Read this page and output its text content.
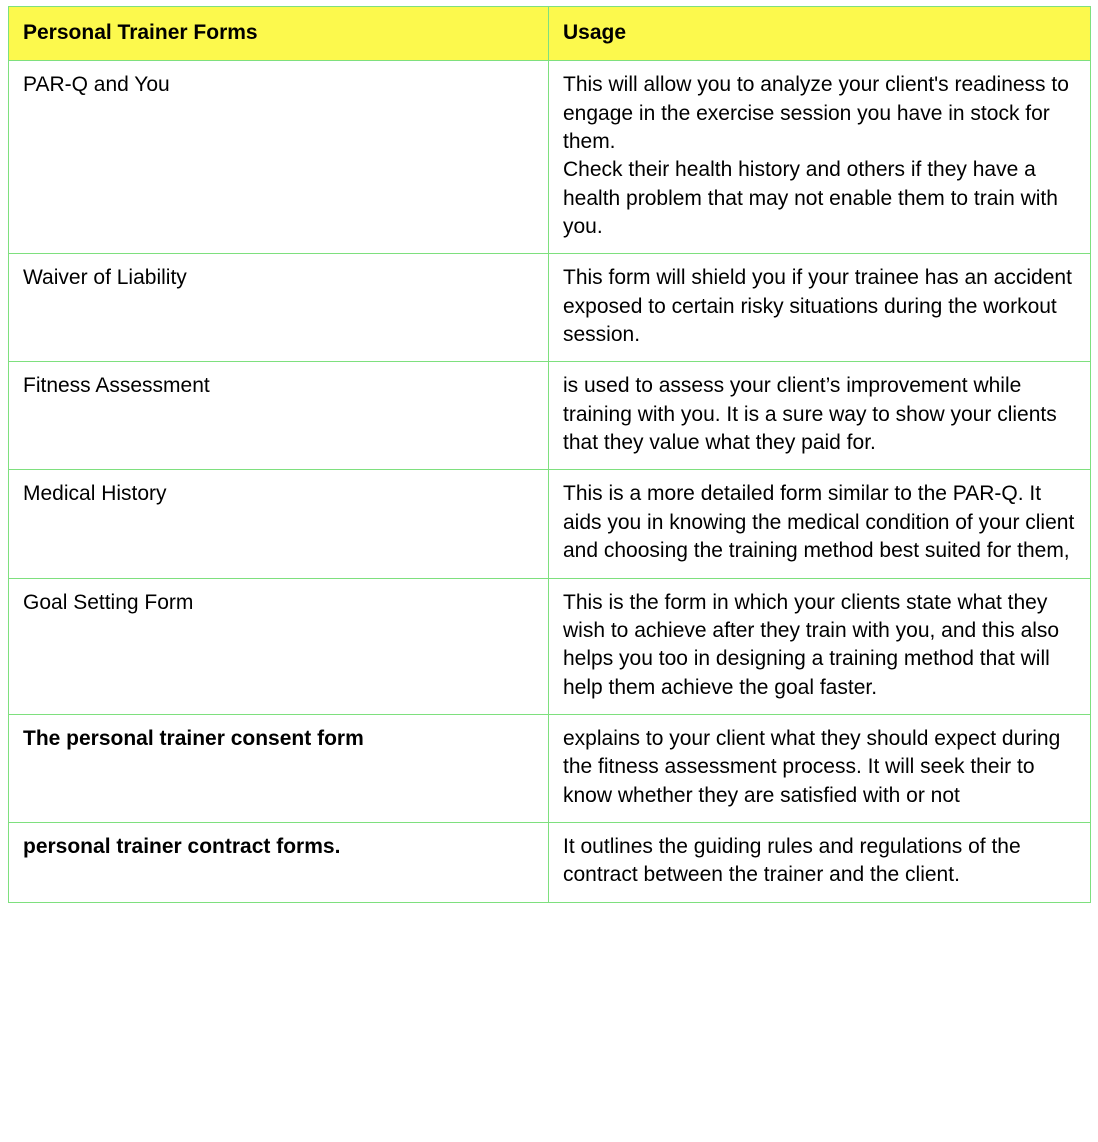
Personal Trainer Forms	Usage
PAR-Q and You	This will allow you to analyze your client's readiness to engage in the exercise session you have in stock for them.
Check their health history and others if they have a health problem that may not enable them to train with you.

Waiver of Liability	This form will shield you if your trainee has an accident exposed to certain risky situations during the workout session.

Fitness Assessment	is used to assess your client’s improvement while training with you. It is a sure way to show your clients that they value what they paid for.

Medical History	This is a more detailed form similar to the PAR-Q. It aids you in knowing the medical condition of your client and choosing the training method best suited for them,

Goal Setting Form	This is the form in which your clients state what they wish to achieve after they train with you, and this also helps you too in designing a training method that will help them achieve the goal faster.

The personal trainer consent form	explains to your client what they should expect during the fitness assessment process. It will seek their to know whether they are satisfied with or not

personal trainer contract forms.	It outlines the guiding rules and regulations of the contract between the trainer and the client.
